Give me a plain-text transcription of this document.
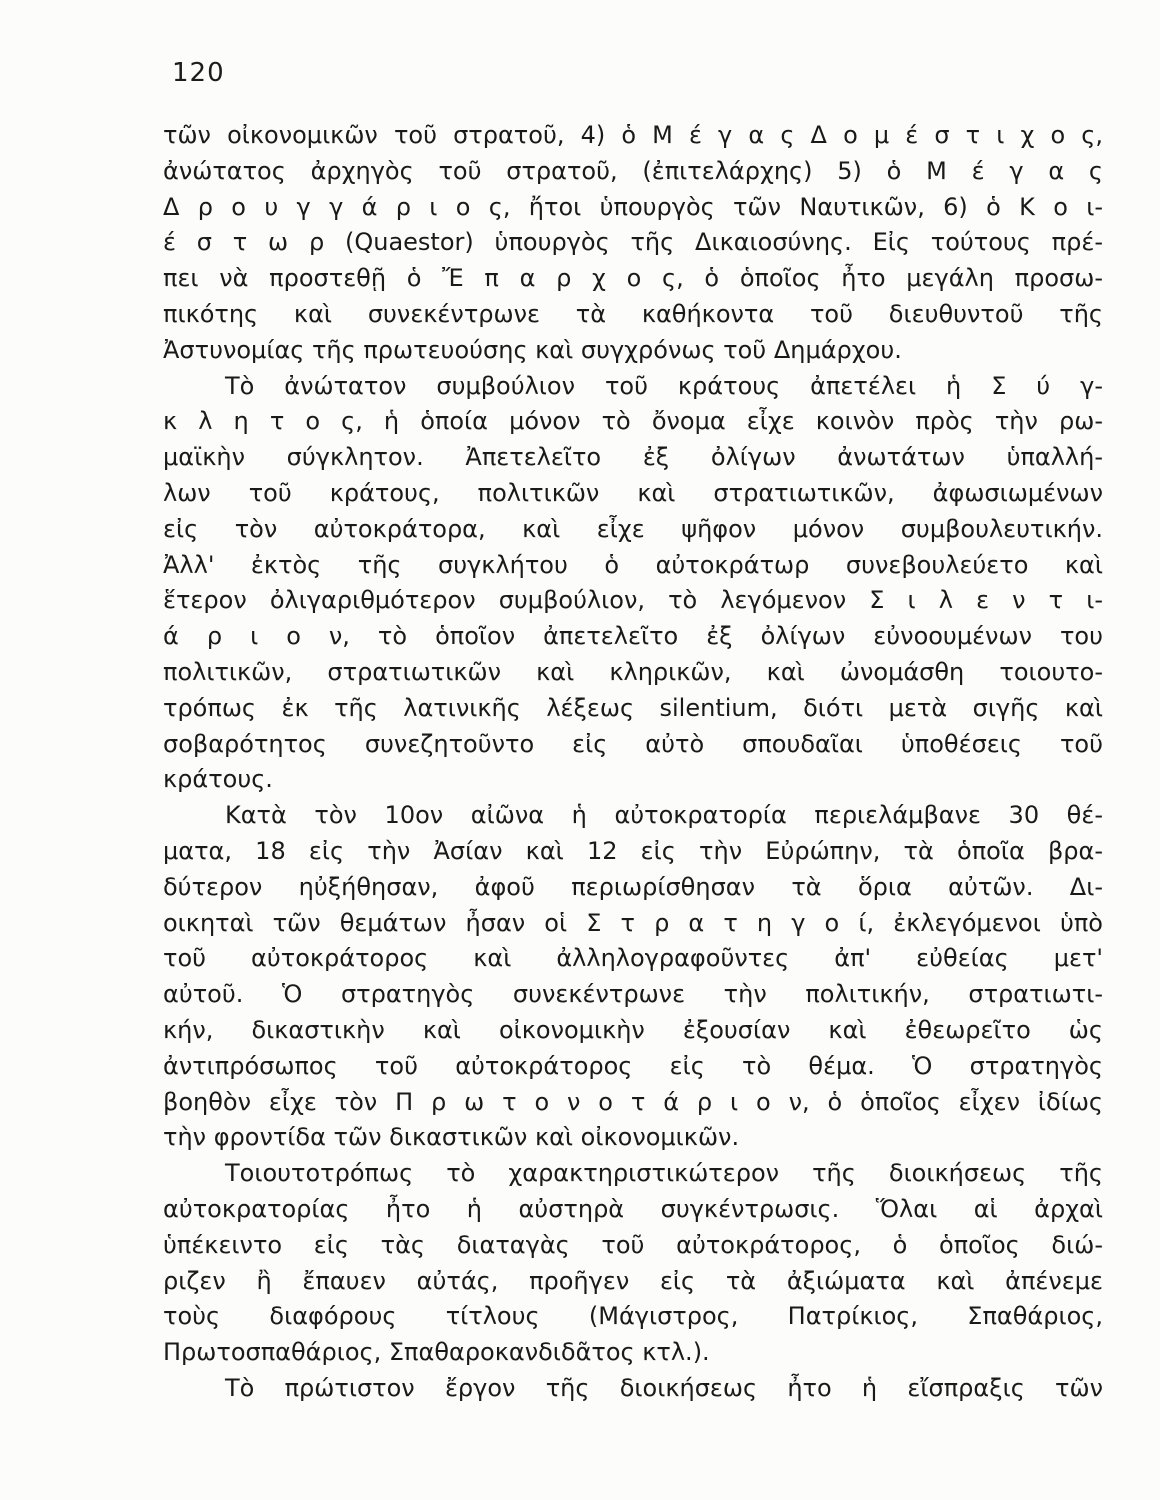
120
τῶν οἰκονομικῶν τοῦ στρατοῦ, 4) ὁ Μ έ γ α ς Δ ο μ έ σ τ ι χ ο ς,
ἀνώτατος ἀρχηγὸς τοῦ στρατοῦ, (ἐπιτελάρχης) 5) ὁ Μ έ γ α ς
Δ ρ ο υ γ γ ά ρ ι ο ς, ἤτοι ὑπουργὸς τῶν Ναυτικῶν, 6) ὁ Κ ο ι-
έ σ τ ω ρ (Quaestor) ὑπουργὸς τῆς Δικαιοσύνης. Εἰς τούτους πρέ-
πει νὰ προστεθῇ ὁ Ἔ π α ρ χ ο ς, ὁ ὁποῖος ἦτο μεγάλη προσω-
πικότης καὶ συνεκέντρωνε τὰ καθήκοντα τοῦ διευθυντοῦ τῆς
Ἀστυνομίας τῆς πρωτευούσης καὶ συγχρόνως τοῦ Δημάρχου.
Τὸ ἀνώτατον συμβούλιον τοῦ κράτους ἀπετέλει ἡ Σ ύ γ-
κ λ η τ ο ς, ἡ ὁποία μόνον τὸ ὄνομα εἶχε κοινὸν πρὸς τὴν ρω-
μαϊκὴν σύγκλητον. Ἀπετελεῖτο ἐξ ὀλίγων ἀνωτάτων ὑπαλλή-
λων τοῦ κράτους, πολιτικῶν καὶ στρατιωτικῶν, ἀφωσιωμένων
εἰς τὸν αὐτοκράτορα, καὶ εἶχε ψῆφον μόνον συμβουλευτικήν.
Ἀλλ' ἐκτὸς τῆς συγκλήτου ὁ αὐτοκράτωρ συνεβουλεύετο καὶ
ἕτερον ὀλιγαριθμότερον συμβούλιον, τὸ λεγόμενον Σ ι λ ε ν τ ι-
ά ρ ι ο ν, τὸ ὁποῖον ἀπετελεῖτο ἐξ ὀλίγων εὐνοουμένων του
πολιτικῶν, στρατιωτικῶν καὶ κληρικῶν, καὶ ὠνομάσθη τοιουτο-
τρόπως ἐκ τῆς λατινικῆς λέξεως silentium, διότι μετὰ σιγῆς καὶ
σοβαρότητος συνεζητοῦντο εἰς αὐτὸ σπουδαῖαι ὑποθέσεις τοῦ
κράτους.
Κατὰ τὸν 10ον αἰῶνα ἡ αὐτοκρατορία περιελάμβανε 30 θέ-
ματα, 18 εἰς τὴν Ἀσίαν καὶ 12 εἰς τὴν Εὐρώπην, τὰ ὁποῖα βρα-
δύτερον ηὐξήθησαν, ἀφοῦ περιωρίσθησαν τὰ ὅρια αὐτῶν. Δι-
οικηταὶ τῶν θεμάτων ἦσαν οἱ Σ τ ρ α τ η γ ο ί, ἐκλεγόμενοι ὑπὸ
τοῦ αὐτοκράτορος καὶ ἀλληλογραφοῦντες ἀπ' εὐθείας μετ'
αὐτοῦ. Ὁ στρατηγὸς συνεκέντρωνε τὴν πολιτικήν, στρατιωτι-
κήν, δικαστικὴν καὶ οἰκονομικὴν ἐξουσίαν καὶ ἐθεωρεῖτο ὡς
ἀντιπρόσωπος τοῦ αὐτοκράτορος εἰς τὸ θέμα. Ὁ στρατηγὸς
βοηθὸν εἶχε τὸν Π ρ ω τ ο ν ο τ ά ρ ι ο ν, ὁ ὁποῖος εἶχεν ἰδίως
τὴν φροντίδα τῶν δικαστικῶν καὶ οἰκονομικῶν.
Τοιουτοτρόπως τὸ χαρακτηριστικώτερον τῆς διοικήσεως τῆς
αὐτοκρατορίας ἦτο ἡ αὐστηρὰ συγκέντρωσις. Ὅλαι αἱ ἀρχαὶ
ὑπέκειντο εἰς τὰς διαταγὰς τοῦ αὐτοκράτορος, ὁ ὁποῖος διώ-
ριζεν ἢ ἔπαυεν αὐτάς, προῆγεν εἰς τὰ ἀξιώματα καὶ ἀπένεμε
τοὺς διαφόρους τίτλους (Μάγιστρος, Πατρίκιος, Σπαθάριος,
Πρωτοσπαθάριος, Σπαθαροκανδιδᾶτος κτλ.).
Τὸ πρώτιστον ἔργον τῆς διοικήσεως ἦτο ἡ εἴσπραξις τῶν
